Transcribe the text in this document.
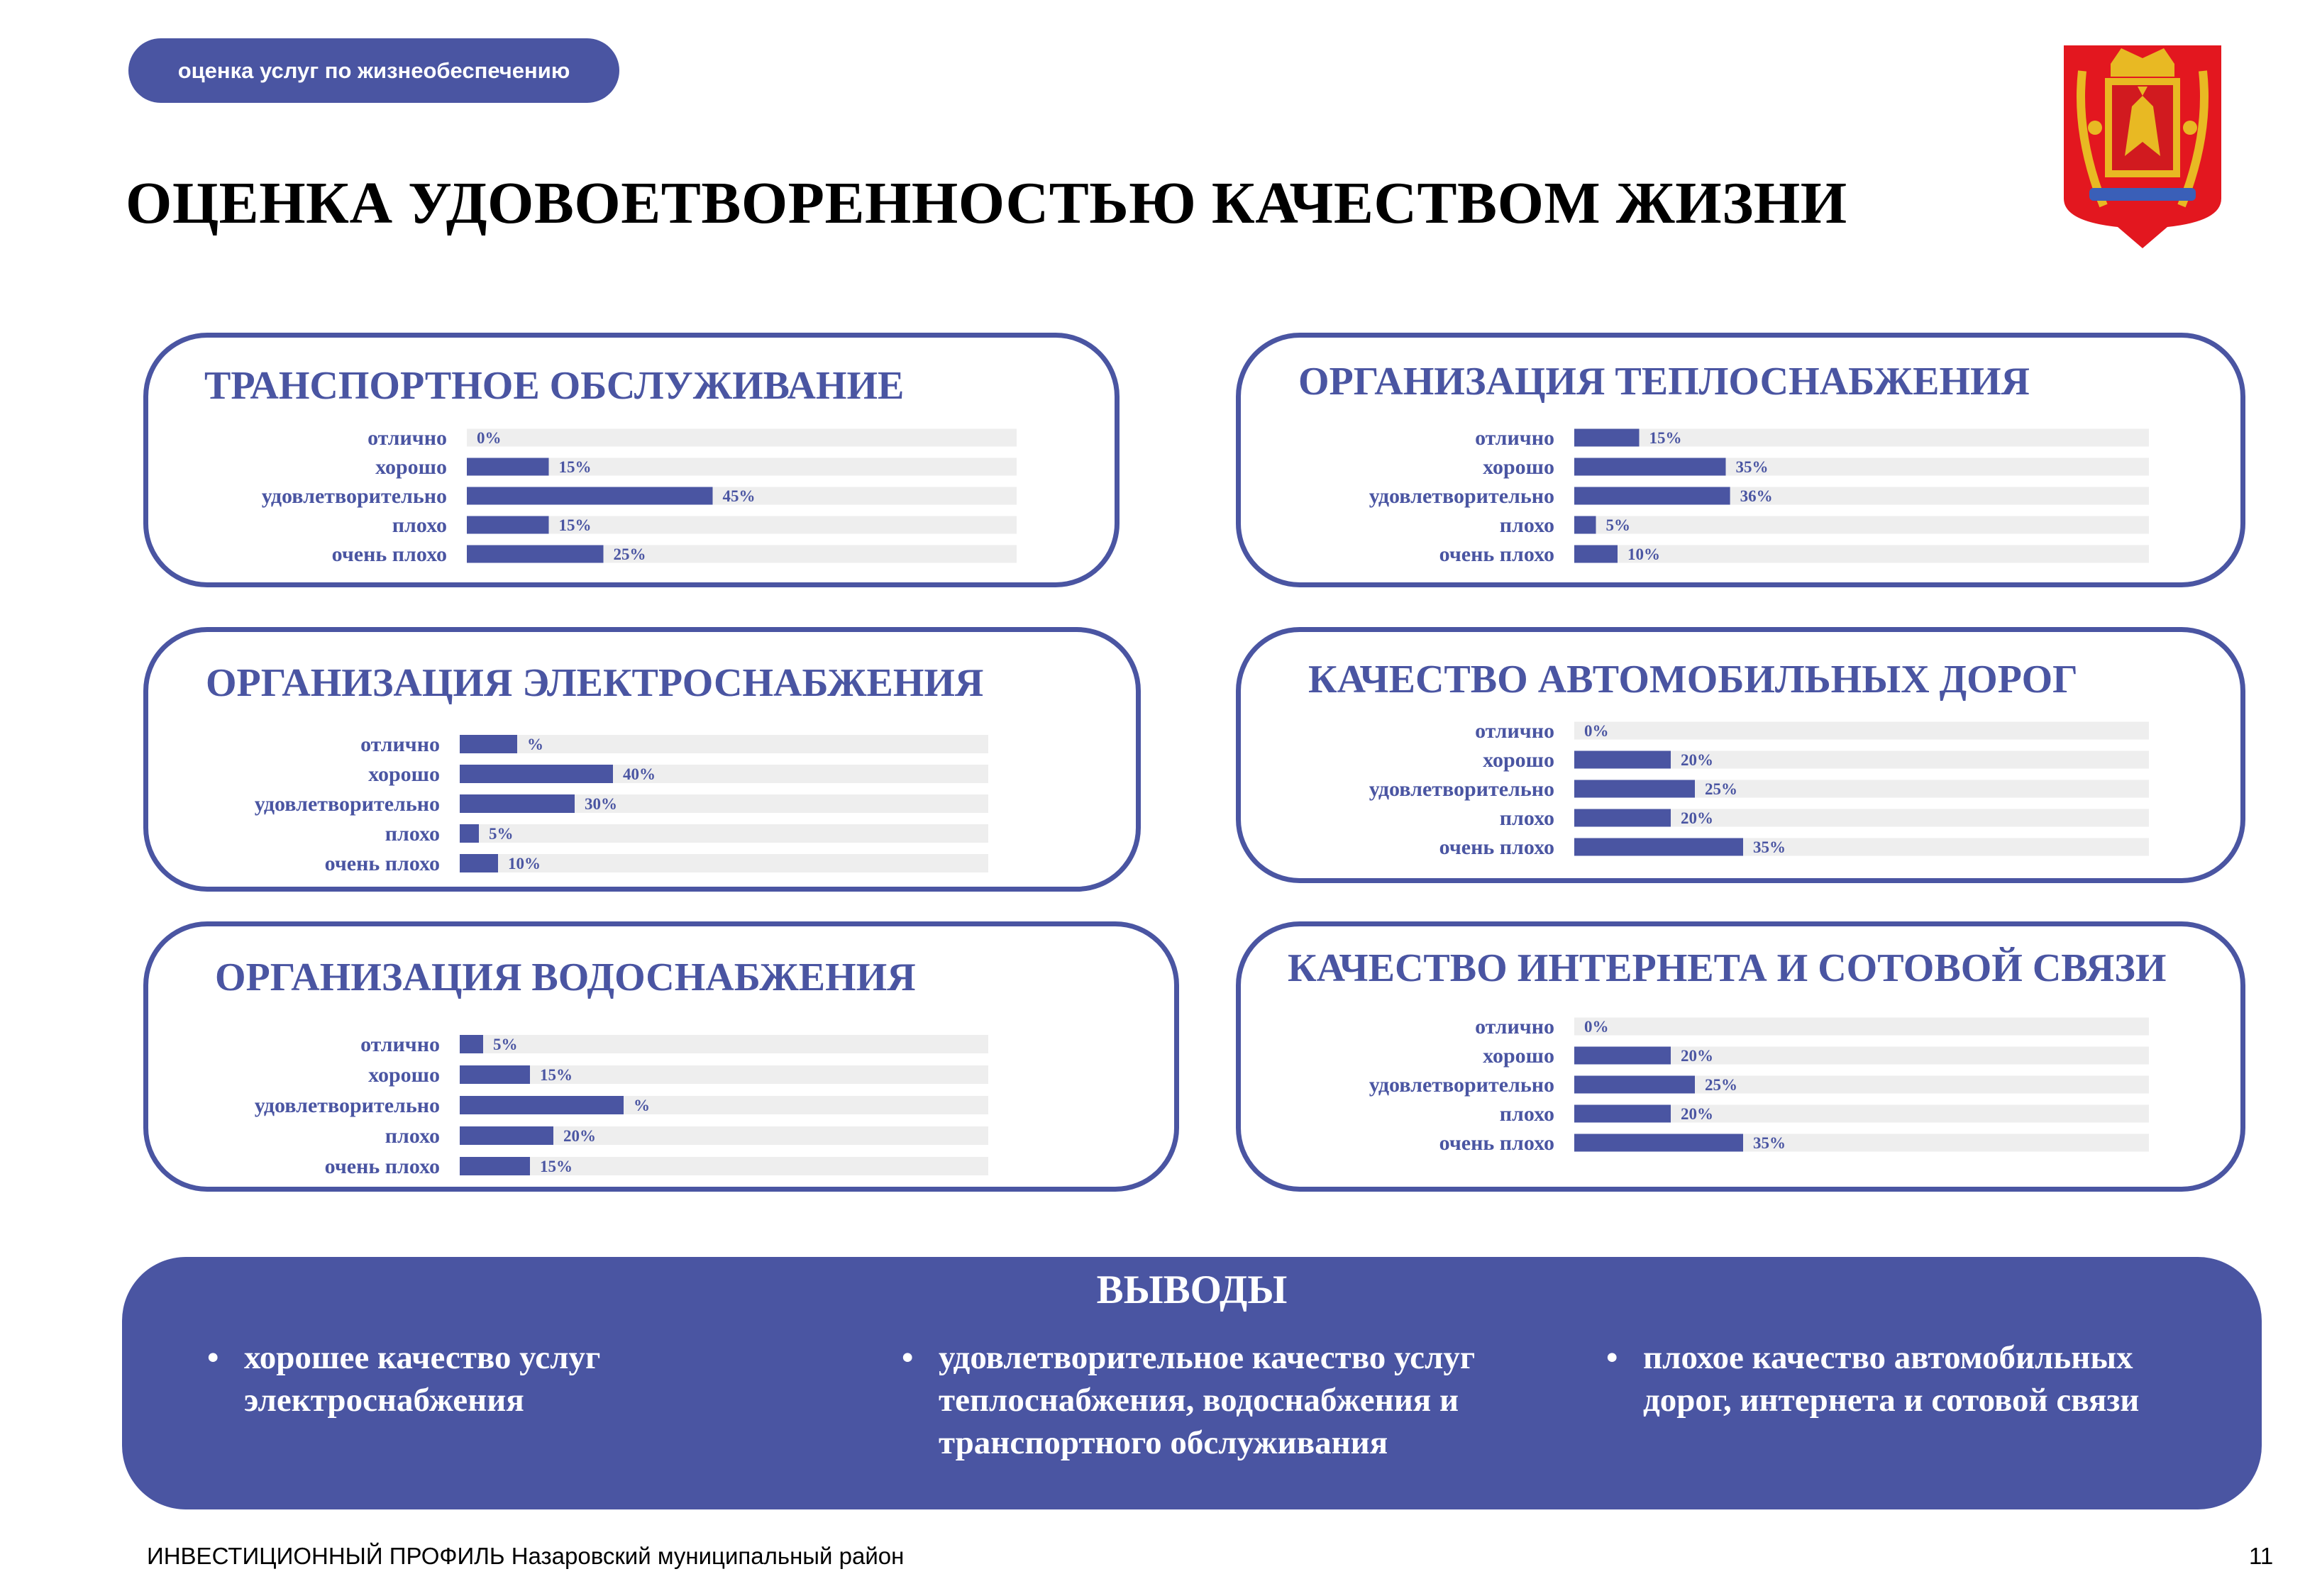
оценка услуг по жизнеобеспечению
ОЦЕНКА УДОВОЕТВОРЕННОСТЬЮ КАЧЕСТВОМ ЖИЗНИ
ТРАНСПОРТНОЕ ОБСЛУЖИВАНИЕ
отлично 0%
хорошо	15%
удовлетворительно	45%
плохо	15%
очень плохо	25%
ОРГАНИЗАЦИЯ ТЕПЛОСНАБЖЕНИЯ
отлично	15%
хорошо	35%
удовлетворительно	36%
плохо	5%
очень плохо	10%
ОРГАНИЗАЦИЯ ЭЛЕКТРОСНАБЖЕНИЯ
отлично	%
хорошо	40%
удовлетворительно	30%
плохо	5%
очень плохо	10%
КАЧЕСТВО АВТОМОБИЛЬНЫХ ДОРОГ
отлично 0%
хорошо	20%
удовлетворительно	25%
плохо	20%
очень плохо	35%
ОРГАНИЗАЦИЯ ВОДОСНАБЖЕНИЯ
отлично	5%
хорошо	15%
удовлетворительно	%
плохо	20%
очень плохо	15%
КАЧЕСТВО ИНТЕРНЕТА И СОТОВОЙ СВЯЗИ
отлично 0%
хорошо	20%
удовлетворительно	25%
плохо	20%
очень плохо	35%
ВЫВОДЫ
• хорошее качество услуг
электроснабжения
• удовлетворительное качество услуг
теплоснабжения, водоснабжения и
транспортного обслуживания
• плохое качество автомобильных
дорог, интернета и сотовой связи
ИНВЕСТИЦИОННЫЙ ПРОФИЛЬ Назаровский муниципальный район	11
